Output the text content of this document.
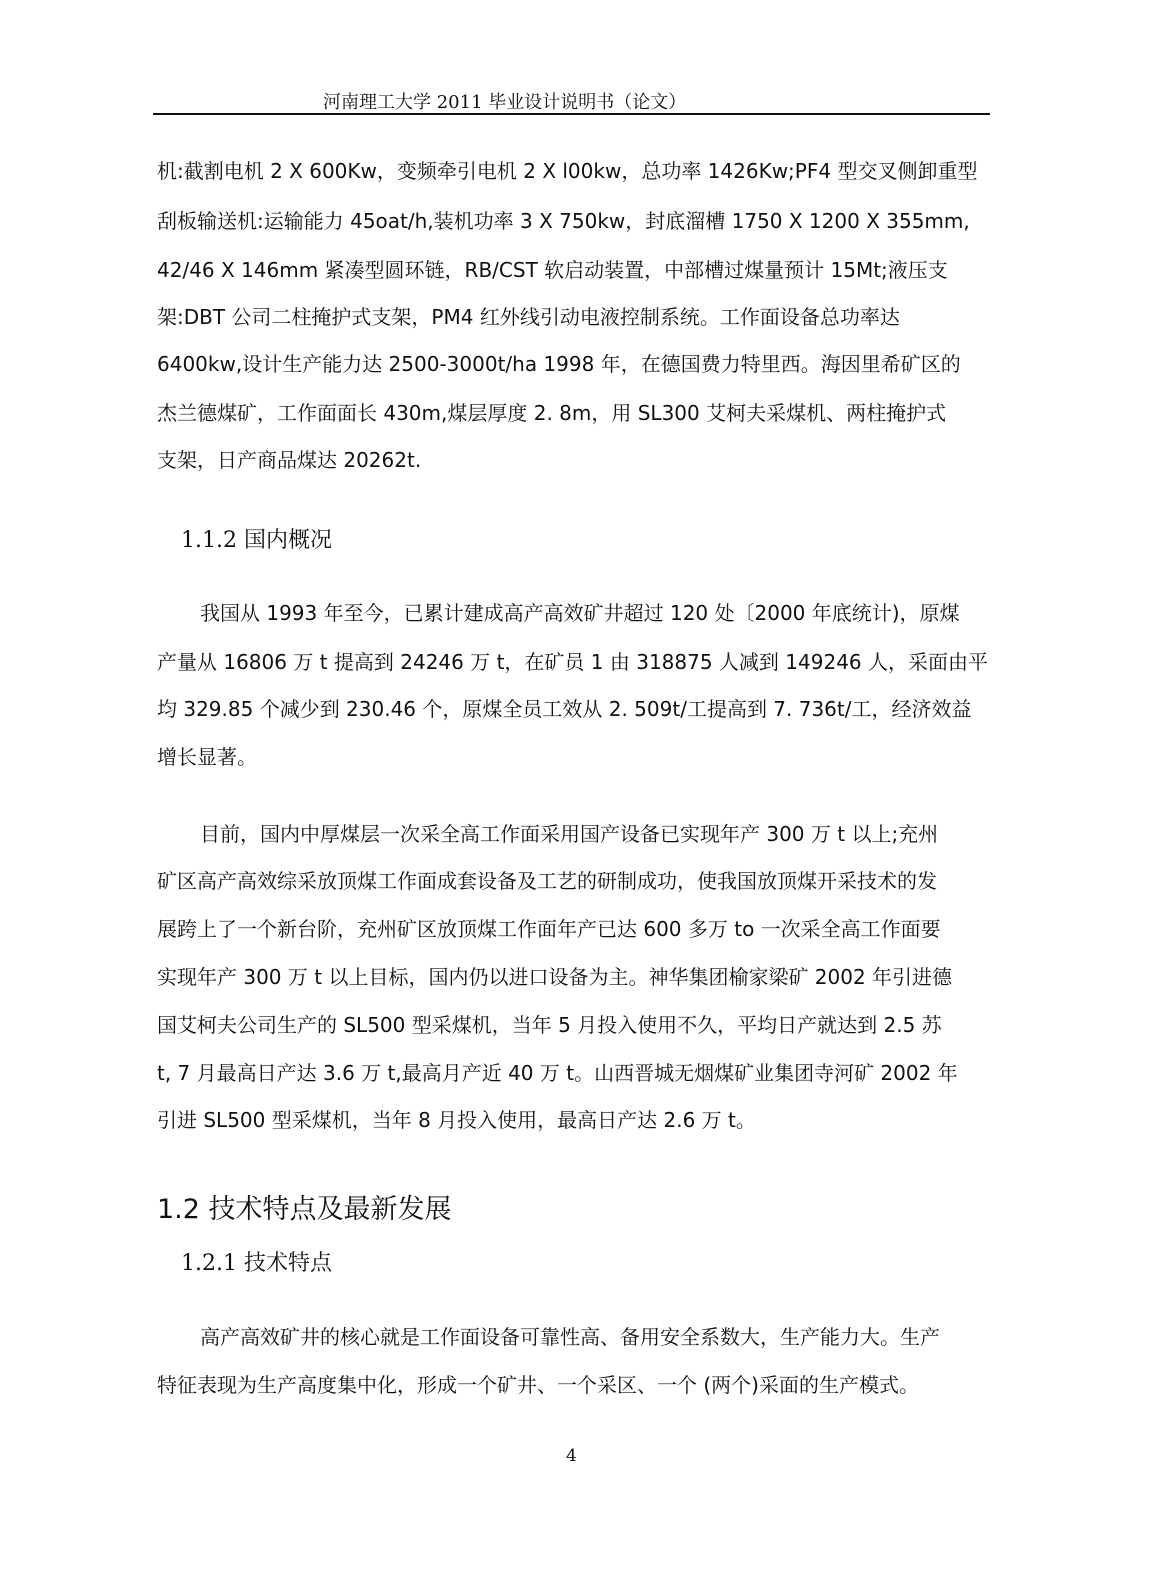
河南理工大学 2011 毕业设计说明书（论文）
机:截割电机 2 X 600Kw，变频牵引电机 2 X l00kw，总功率 1426Kw;PF4 型交叉侧卸重型
刮板输送机:运输能力 45oat/h,装机功率 3 X 750kw，封底溜槽 1750 X 1200 X 355mm,
42/46 X 146mm 紧凑型圆环链，RB/CST 软启动装置，中部槽过煤量预计 15Mt;液压支
架:DBT 公司二柱掩护式支架，PM4 红外线引动电液控制系统。工作面设备总功率达
6400kw,设计生产能力达 2500-3000t/ha 1998 年，在德国费力特里西。海因里希矿区的
杰兰德煤矿，工作面面长 430m,煤层厚度 2. 8m，用 SL300 艾柯夫采煤机、两柱掩护式
支架，日产商品煤达 20262t.
1.1.2 国内概况
我国从 1993 年至今，已累计建成高产高效矿井超过 120 处〔2000 年底统计)，原煤
产量从 16806 万 t 提高到 24246 万 t，在矿员 1 由 318875 人减到 149246 人，采面由平
均 329.85 个减少到 230.46 个，原煤全员工效从 2. 509t/工提高到 7. 736t/工，经济效益
增长显著。
目前，国内中厚煤层一次采全高工作面采用国产设备已实现年产 300 万 t 以上;充州
矿区高产高效综采放顶煤工作面成套设备及工艺的研制成功，使我国放顶煤开采技术的发
展跨上了一个新台阶，充州矿区放顶煤工作面年产已达 600 多万 to 一次采全高工作面要
实现年产 300 万 t 以上目标，国内仍以进口设备为主。神华集团榆家梁矿 2002 年引进德
国艾柯夫公司生产的 SL500 型采煤机，当年 5 月投入使用不久，平均日产就达到 2.5 苏
t, 7 月最高日产达 3.6 万 t,最高月产近 40 万 t。山西晋城无烟煤矿业集团寺河矿 2002 年
引进 SL500 型采煤机，当年 8 月投入使用，最高日产达 2.6 万 t。
1.2 技术特点及最新发展
1.2.1 技术特点
高产高效矿井的核心就是工作面设备可靠性高、备用安全系数大，生产能力大。生产
特征表现为生产高度集中化，形成一个矿井、一个采区、一个 (两个)采面的生产模式。
4
